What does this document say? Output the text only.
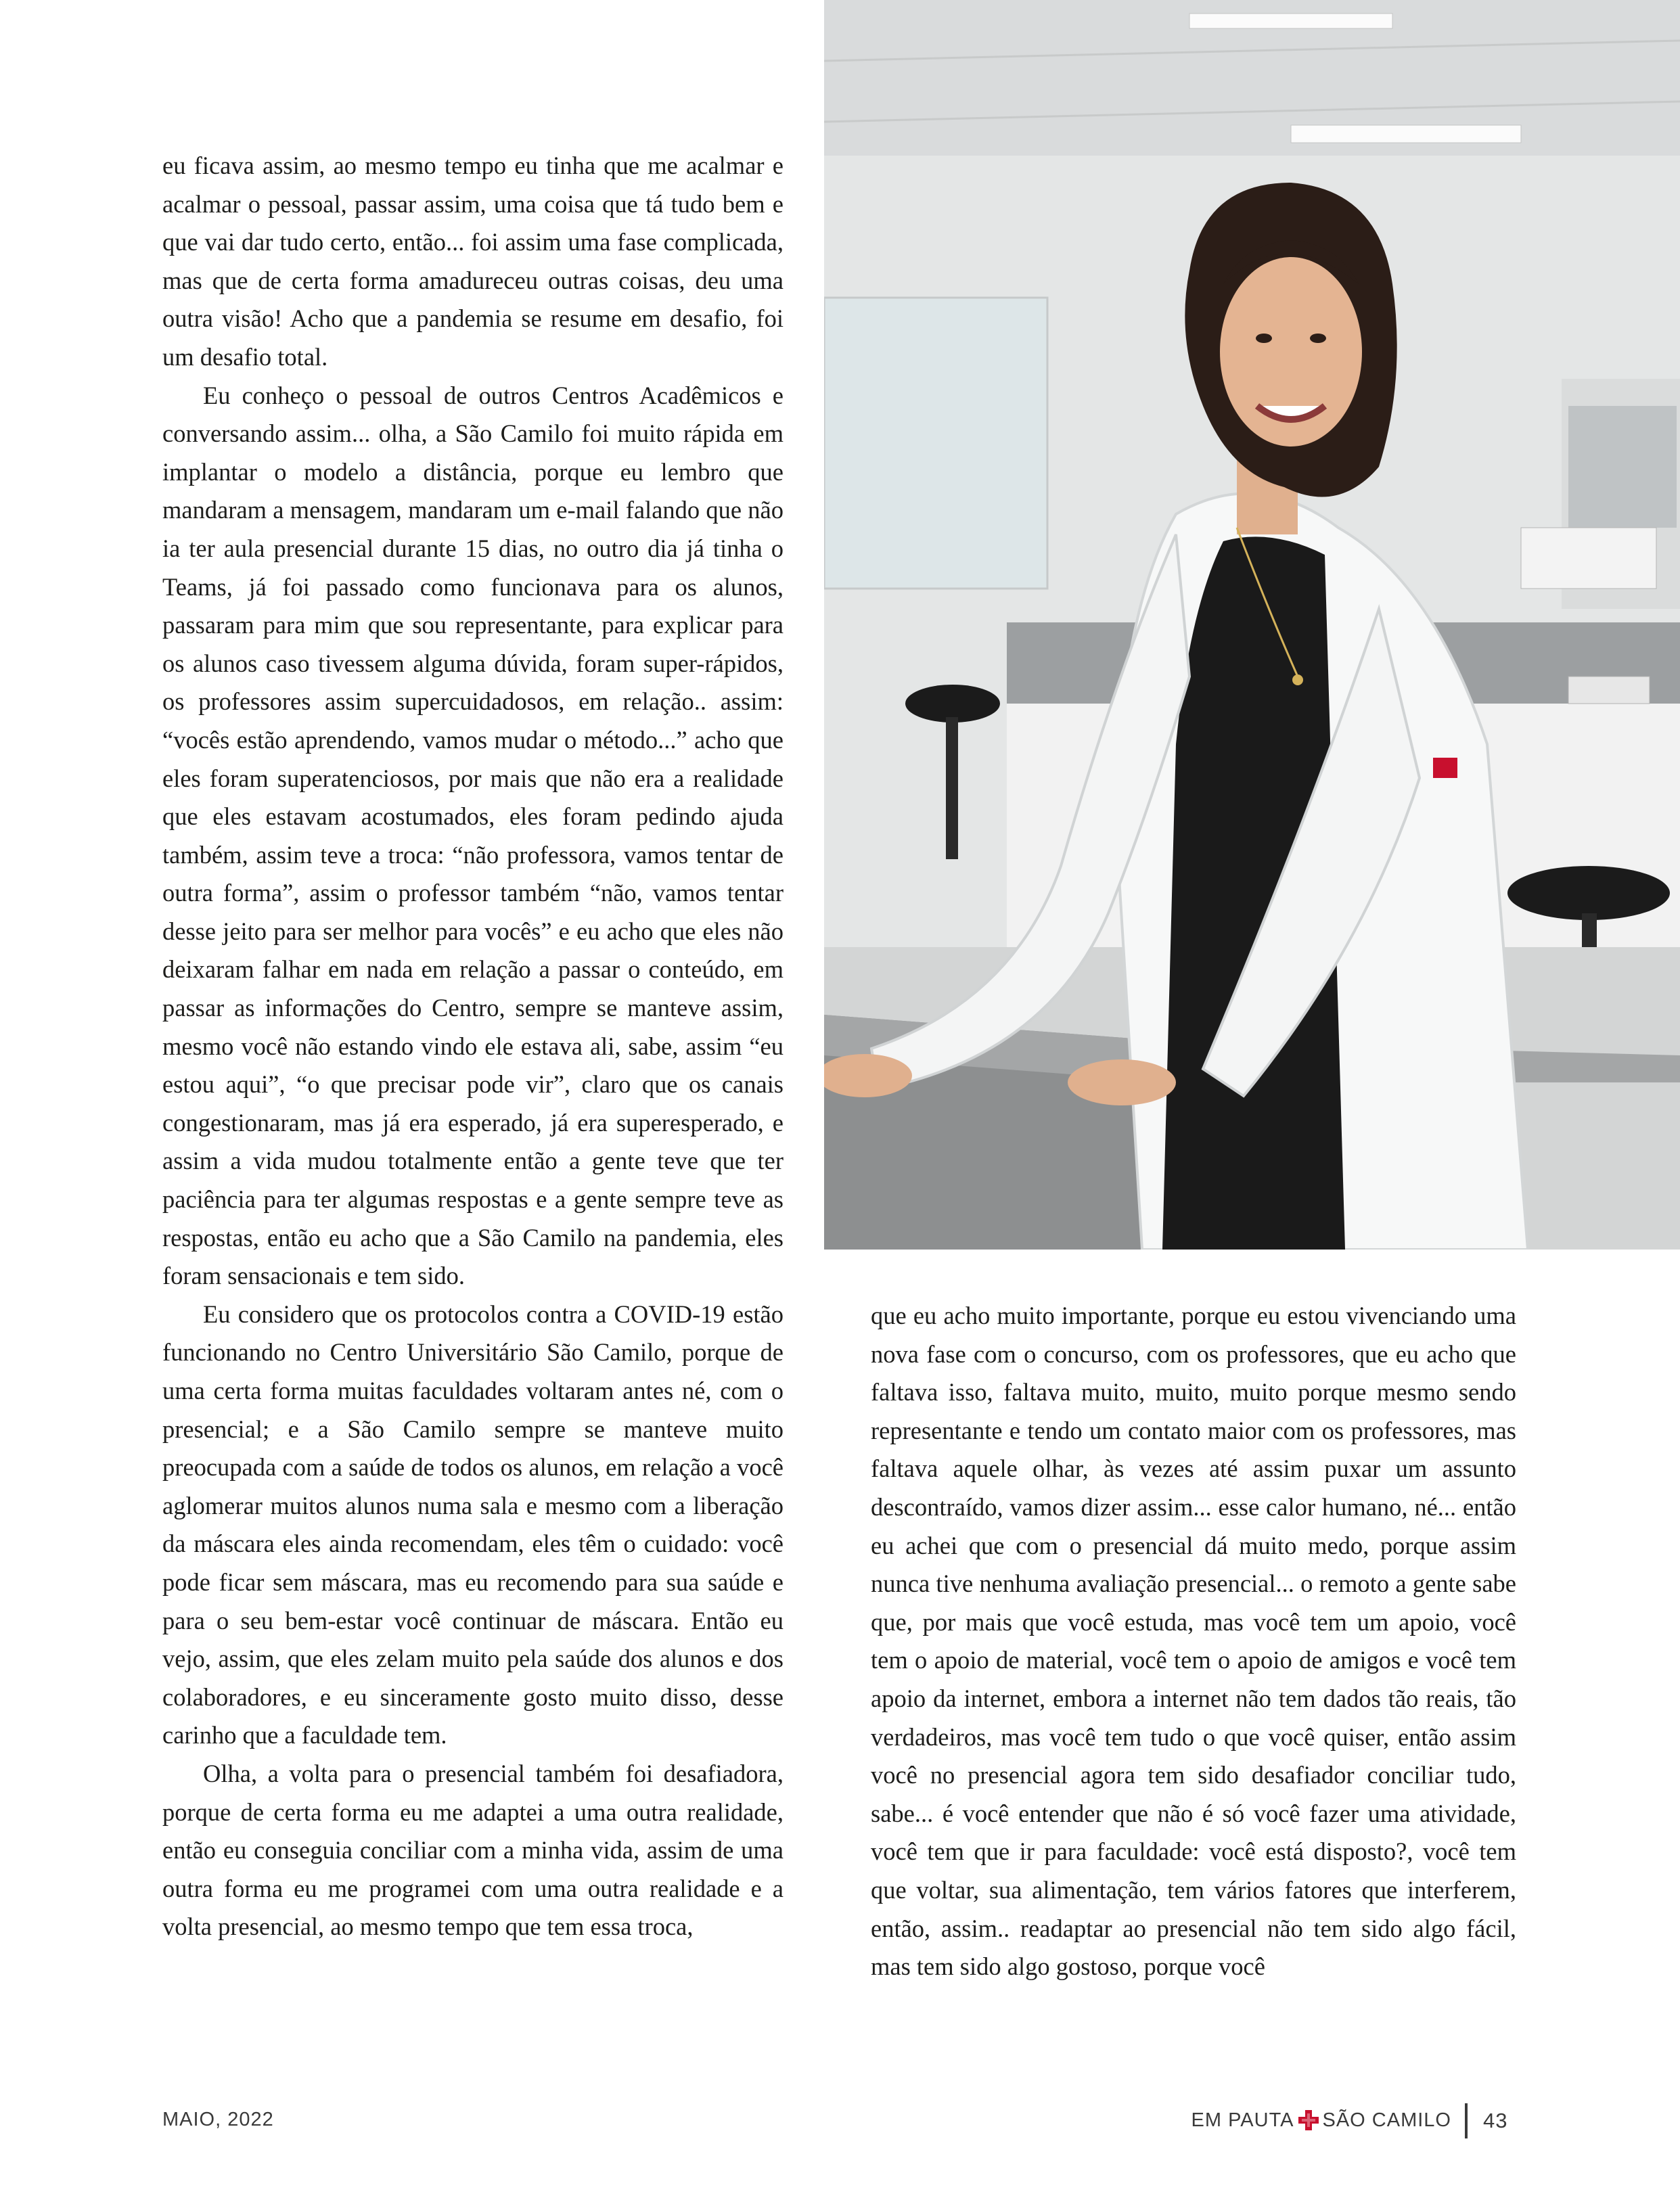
eu ficava assim, ao mesmo tempo eu tinha que me acalmar e acalmar o pessoal, passar assim, uma coisa que tá tudo bem e que vai dar tudo certo, então... foi assim uma fase complicada, mas que de certa forma amadureceu outras coisas, deu uma outra visão! Acho que a pandemia se resume em desafio, foi um desafio total.

Eu conheço o pessoal de outros Centros Acadêmicos e conversando assim... olha, a São Camilo foi muito rápida em implantar o modelo a distância, porque eu lembro que mandaram a mensagem, mandaram um e-mail falando que não ia ter aula presencial durante 15 dias, no outro dia já tinha o Teams, já foi passado como funcionava para os alunos, passaram para mim que sou representante, para explicar para os alunos caso tivessem alguma dúvida, foram super-rápidos, os professores assim supercuidadosos, em relação.. assim: “vocês estão aprendendo, vamos mudar o método...” acho que eles foram superatenciosos, por mais que não era a realidade que eles estavam acostumados, eles foram pedindo ajuda também, assim teve a troca: “não professora, vamos tentar de outra forma”, assim o professor também “não, vamos tentar desse jeito para ser melhor para vocês” e eu acho que eles não deixaram falhar em nada em relação a passar o conteúdo, em passar as informações do Centro, sempre se manteve assim, mesmo você não estando vindo ele estava ali, sabe, assim “eu estou aqui”, “o que precisar pode vir”, claro que os canais congestionaram, mas já era esperado, já era superesperado, e assim a vida mudou totalmente então a gente teve que ter paciência para ter algumas respostas e a gente sempre teve as respostas, então eu acho que a São Camilo na pandemia, eles foram sensacionais e tem sido.

Eu considero que os protocolos contra a COVID-19 estão funcionando no Centro Universitário São Camilo, porque de uma certa forma muitas faculdades voltaram antes né, com o presencial; e a São Camilo sempre se manteve muito preocupada com a saúde de todos os alunos, em relação a você aglomerar muitos alunos numa sala e mesmo com a liberação da máscara eles ainda recomendam, eles têm o cuidado: você pode ficar sem máscara, mas eu recomendo para sua saúde e para o seu bem-estar você continuar de máscara. Então eu vejo, assim, que eles zelam muito pela saúde dos alunos e dos colaboradores, e eu sinceramente gosto muito disso, desse carinho que a faculdade tem.

Olha, a volta para o presencial também foi desafiadora, porque de certa forma eu me adaptei a uma outra realidade, então eu conseguia conciliar com a minha vida, assim de uma outra forma eu me programei com uma outra realidade e a volta presencial, ao mesmo tempo que tem essa troca,

que eu acho muito importante, porque eu estou vivenciando uma nova fase com o concurso, com os professores, que eu acho que faltava isso, faltava muito, muito, muito porque mesmo sendo representante e tendo um contato maior com os professores, mas faltava aquele olhar, às vezes até assim puxar um assunto descontraído, vamos dizer assim... esse calor humano, né... então eu achei que com o presencial dá muito medo, porque assim nunca tive nenhuma avaliação presencial... o remoto a gente sabe que, por mais que você estuda, mas você tem um apoio, você tem o apoio de material, você tem o apoio de amigos e você tem apoio da internet, embora a internet não tem dados tão reais, tão verdadeiros, mas você tem tudo o que você quiser, então assim você no presencial agora tem sido desafiador conciliar tudo, sabe... é você entender que não é só você fazer uma atividade, você tem que ir para faculdade: você está disposto?, você tem que voltar, sua alimentação, tem vários fatores que interferem, então, assim.. readaptar ao presencial não tem sido algo fácil, mas tem sido algo gostoso, porque você

MAIO, 2022	EM PAUTA SÃO CAMILO 43
